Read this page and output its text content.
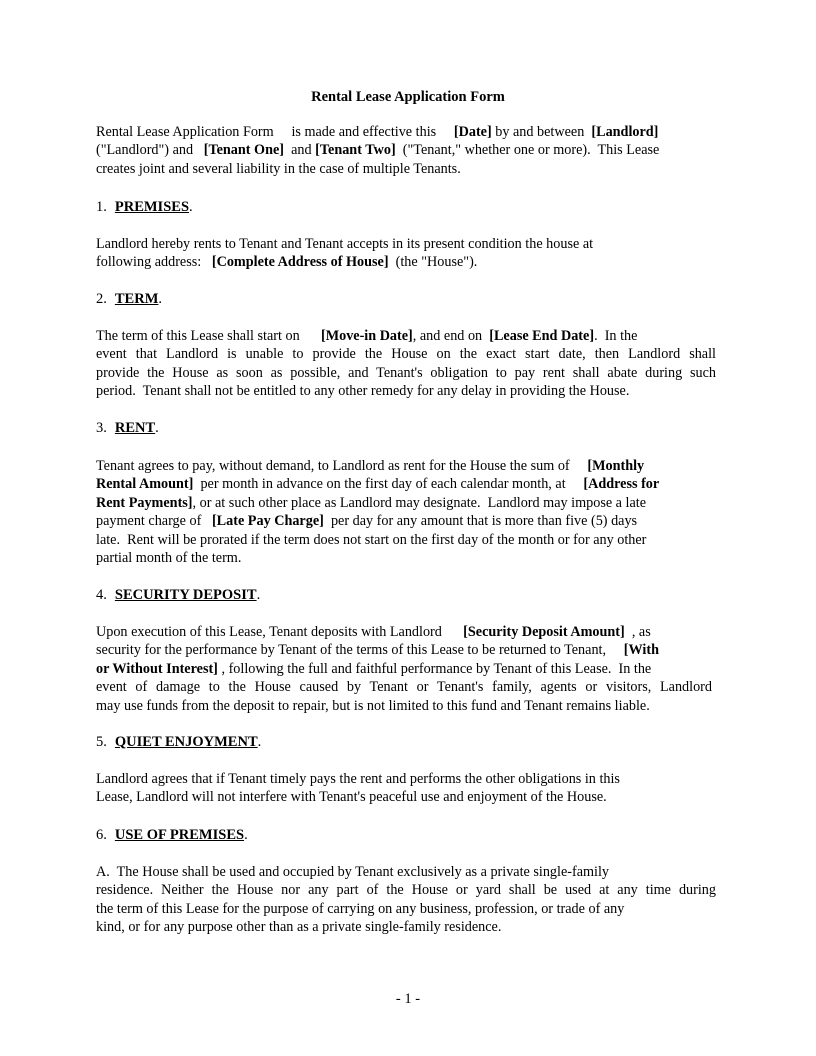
Rental Lease Application Form
Rental Lease Application Form is made and effective this [Date] by and between [Landlord]
("Landlord") and [Tenant One] and [Tenant Two] ("Tenant," whether one or more).  This Lease
creates joint and several liability in the case of multiple Tenants.
1. PREMISES.
Landlord hereby rents to Tenant and Tenant accepts in its present condition the house at
following address: [Complete Address of House] (the "House").
2. TERM.
The term of this Lease shall start on [Move-in Date], and end on [Lease End Date].  In the
event that Landlord is unable to provide the House on the exact start date, then Landlord shall
provide the House as soon as possible, and Tenant's obligation to pay rent shall abate during such
period.  Tenant shall not be entitled to any other remedy for any delay in providing the House.
3. RENT.
Tenant agrees to pay, without demand, to Landlord as rent for the House the sum of [Monthly
Rental Amount] per month in advance on the first day of each calendar month, at [Address for
Rent Payments], or at such other place as Landlord may designate.  Landlord may impose a late
payment charge of [Late Pay Charge] per day for any amount that is more than five (5) days
late.  Rent will be prorated if the term does not start on the first day of the month or for any other
partial month of the term.
4. SECURITY DEPOSIT.
Upon execution of this Lease, Tenant deposits with Landlord [Security Deposit Amount] , as
security for the performance by Tenant of the terms of this Lease to be returned to Tenant, [With
or Without Interest] , following the full and faithful performance by Tenant of this Lease.  In the
event of damage to the House caused by Tenant or Tenant's family, agents or visitors, Landlord
may use funds from the deposit to repair, but is not limited to this fund and Tenant remains liable.
5. QUIET ENJOYMENT.
Landlord agrees that if Tenant timely pays the rent and performs the other obligations in this
Lease, Landlord will not interfere with Tenant's peaceful use and enjoyment of the House.
6. USE OF PREMISES.
A.  The House shall be used and occupied by Tenant exclusively as a private single-family
residence. Neither the House nor any part of the House or yard shall be used at any time during
the term of this Lease for the purpose of carrying on any business, profession, or trade of any
kind, or for any purpose other than as a private single-family residence.
- 1 -
